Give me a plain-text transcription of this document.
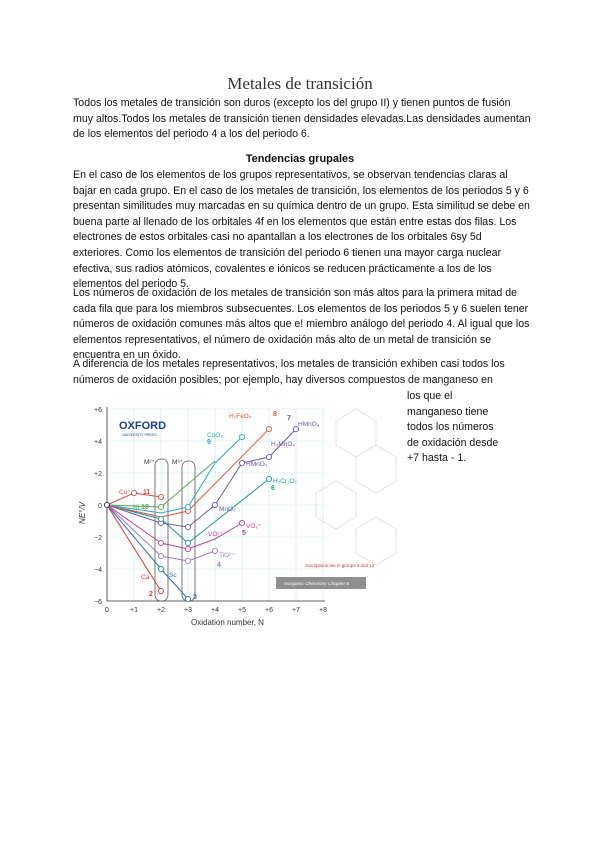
Metales de transición

Todos los metales de transición son duros (excepto los del grupo II) y tienen puntos de fusión muy altos.Todos los metales de transición tienen densidades elevadas.Las densidades aumentan de los elementos del periodo 4 a los del periodo 6.

Tendencias grupales

En el caso de los elementos de los grupos representativos, se observan tendencias claras al bajar en cada grupo. En el caso de los metales de transición, los elementos de los periodos 5 y 6 presentan similitudes muy marcadas en su química dentro de un grupo. Esta similitud se debe en buena parte al llenado de los orbitales 4f en los elementos que están entre estas dos filas. Los electrones de estos orbitales casi no apantallan a los electrones de los orbitales 6sy 5d exteriores. Como los elementos de transición del periodo 6 tienen una mayor carga nuclear efectiva, sus radios atómicos, covalentes e iónicos se reducen prácticamente a los de los elementos del periodo 5.

Los números de oxidación de los metales de transición son más altos para la primera mitad de cada fila que para los miembros subsecuentes. Los elementos de los periodos 5 y 6 suelen tener números de oxidación comunes más altos que e! miembro análogo del periodo 4. Al igual que los elementos representativos, el número de oxidación más alto de un metal de transición se encuentra en un óxido.

A diferencia de los metales representativos, los metales de transición exhiben casi todos los números de oxidación posibles; por ejemplo, hay diversos compuestos de manganeso en

los que el manganeso tiene todos los números de oxidación desde +7 hasta - 1.

0	+1	+2	+3	+4	+5	+6	+7	+8
+6
+4
+2
0
−2
−4
−6
Oxidation number, N
NE°/V
OXFORD
UNIVERSITY PRESS
M²⁺	M³⁺
H₂FeO₄
HMnO₄
H₃MnO₄
HMnO₃
H₂Cr₂O₇
CoO₂
MnO₂
VO₂⁺
VO²⁺
TiO²⁺
Cu⁺
Ni
Ca	Sc
8
7
6
5
4
3
2
9
10
11
Exceptions are in groups 3 and 12
Inorganic Chemistry Chapter 6
